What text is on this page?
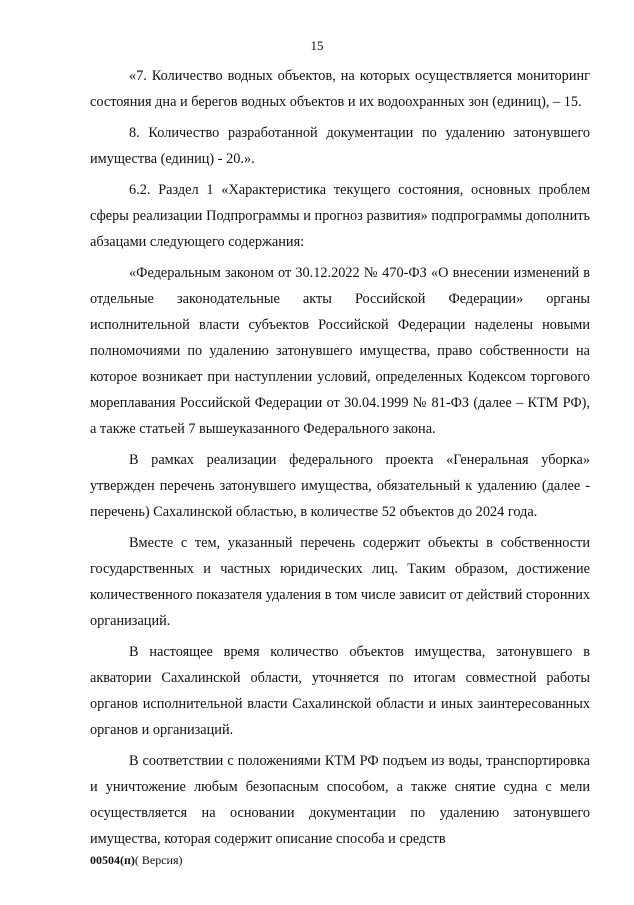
15

«7. Количество водных объектов, на которых осуществляется мониторинг состояния дна и берегов водных объектов и их водоохранных зон (единиц), – 15.

8. Количество разработанной документации по удалению затонувшего имущества (единиц) - 20.».

6.2. Раздел 1 «Характеристика текущего состояния, основных проблем сферы реализации Подпрограммы и прогноз развития» подпрограммы дополнить абзацами следующего содержания:

«Федеральным законом от 30.12.2022 № 470-ФЗ «О внесении изменений в отдельные законодательные акты Российской Федерации» органы исполнительной власти субъектов Российской Федерации наделены новыми полномочиями по удалению затонувшего имущества, право собственности на которое возникает при наступлении условий, определенных Кодексом торгового мореплавания Российской Федерации от 30.04.1999 № 81-ФЗ (далее – КТМ РФ), а также статьей 7 вышеуказанного Федерального закона.

В рамках реализации федерального проекта «Генеральная уборка» утвержден перечень затонувшего имущества, обязательный к удалению (далее - перечень) Сахалинской областью, в количестве 52 объектов до 2024 года.

Вместе с тем, указанный перечень содержит объекты в собственности государственных и частных юридических лиц. Таким образом, достижение количественного показателя удаления в том числе зависит от действий сторонних организаций.

В настоящее время количество объектов имущества, затонувшего в акватории Сахалинской области, уточняется по итогам совместной работы органов исполнительной власти Сахалинской области и иных заинтересованных органов и организаций.

В соответствии с положениями КТМ РФ подъем из воды, транспортировка и уничтожение любым безопасным способом, а также снятие судна с мели осуществляется на основании документации по удалению затонувшего имущества, которая содержит описание способа и средств

00504(п)( Версия)
